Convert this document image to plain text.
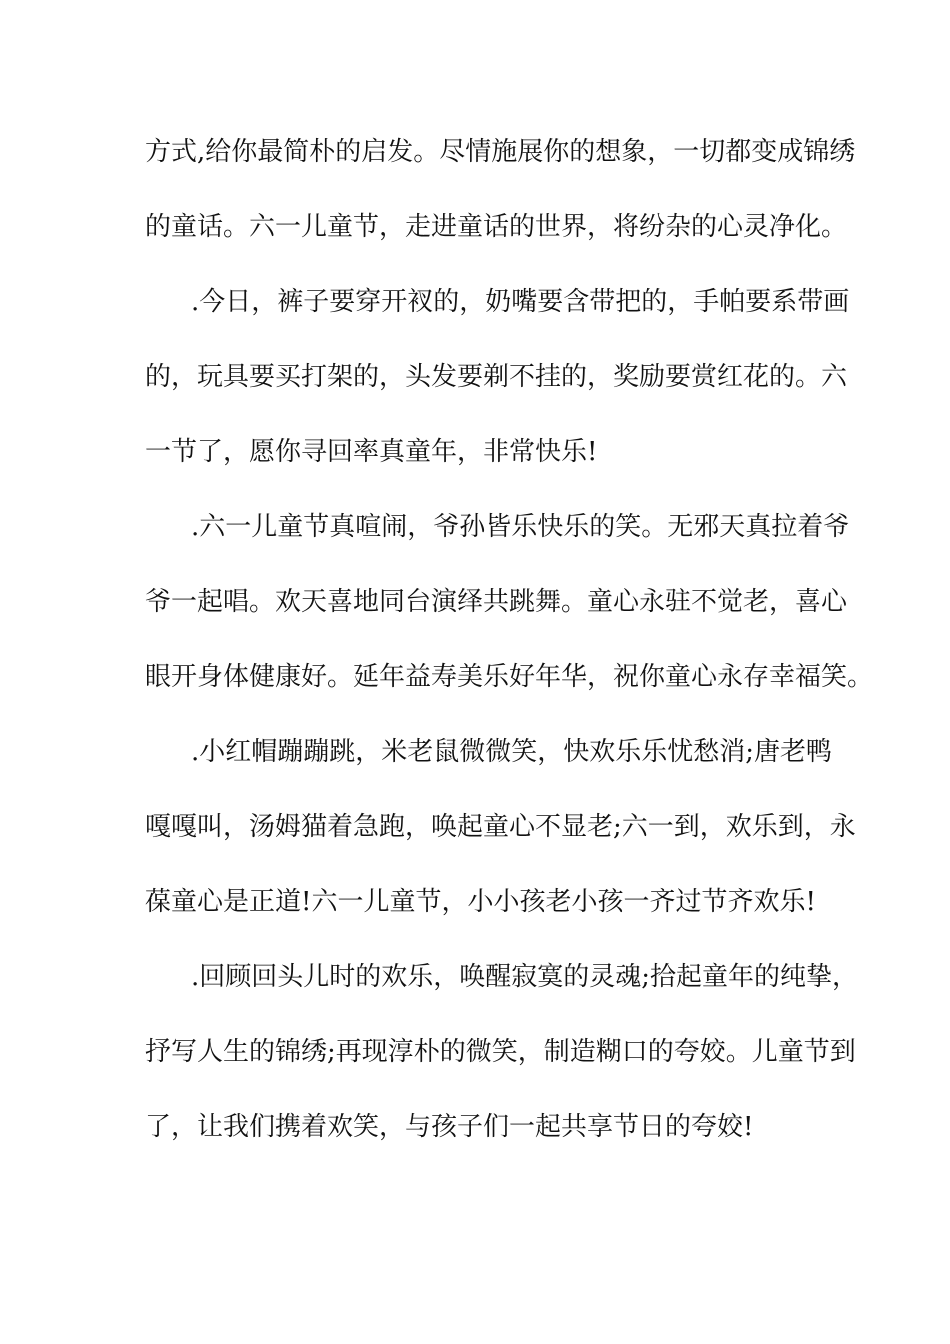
方式,给你最简朴的启发。尽情施展你的想象，一切都变成锦绣
的童话。六一儿童节，走进童话的世界，将纷杂的心灵净化。
.今日，裤子要穿开衩的，奶嘴要含带把的，手帕要系带画
的，玩具要买打架的，头发要剃不挂的，奖励要赏红花的。六
一节了，愿你寻回率真童年，非常快乐!
.六一儿童节真喧闹，爷孙皆乐快乐的笑。无邪天真拉着爷
爷一起唱。欢天喜地同台演绎共跳舞。童心永驻不觉老，喜心
眼开身体健康好。延年益寿美乐好年华，祝你童心永存幸福笑。
.小红帽蹦蹦跳，米老鼠微微笑，快欢乐乐忧愁消;唐老鸭
嘎嘎叫，汤姆猫着急跑，唤起童心不显老;六一到，欢乐到，永
葆童心是正道!六一儿童节，小小孩老小孩一齐过节齐欢乐!
.回顾回头儿时的欢乐，唤醒寂寞的灵魂;拾起童年的纯挚，
抒写人生的锦绣;再现淳朴的微笑，制造糊口的夸姣。儿童节到
了，让我们携着欢笑，与孩子们一起共享节日的夸姣!
